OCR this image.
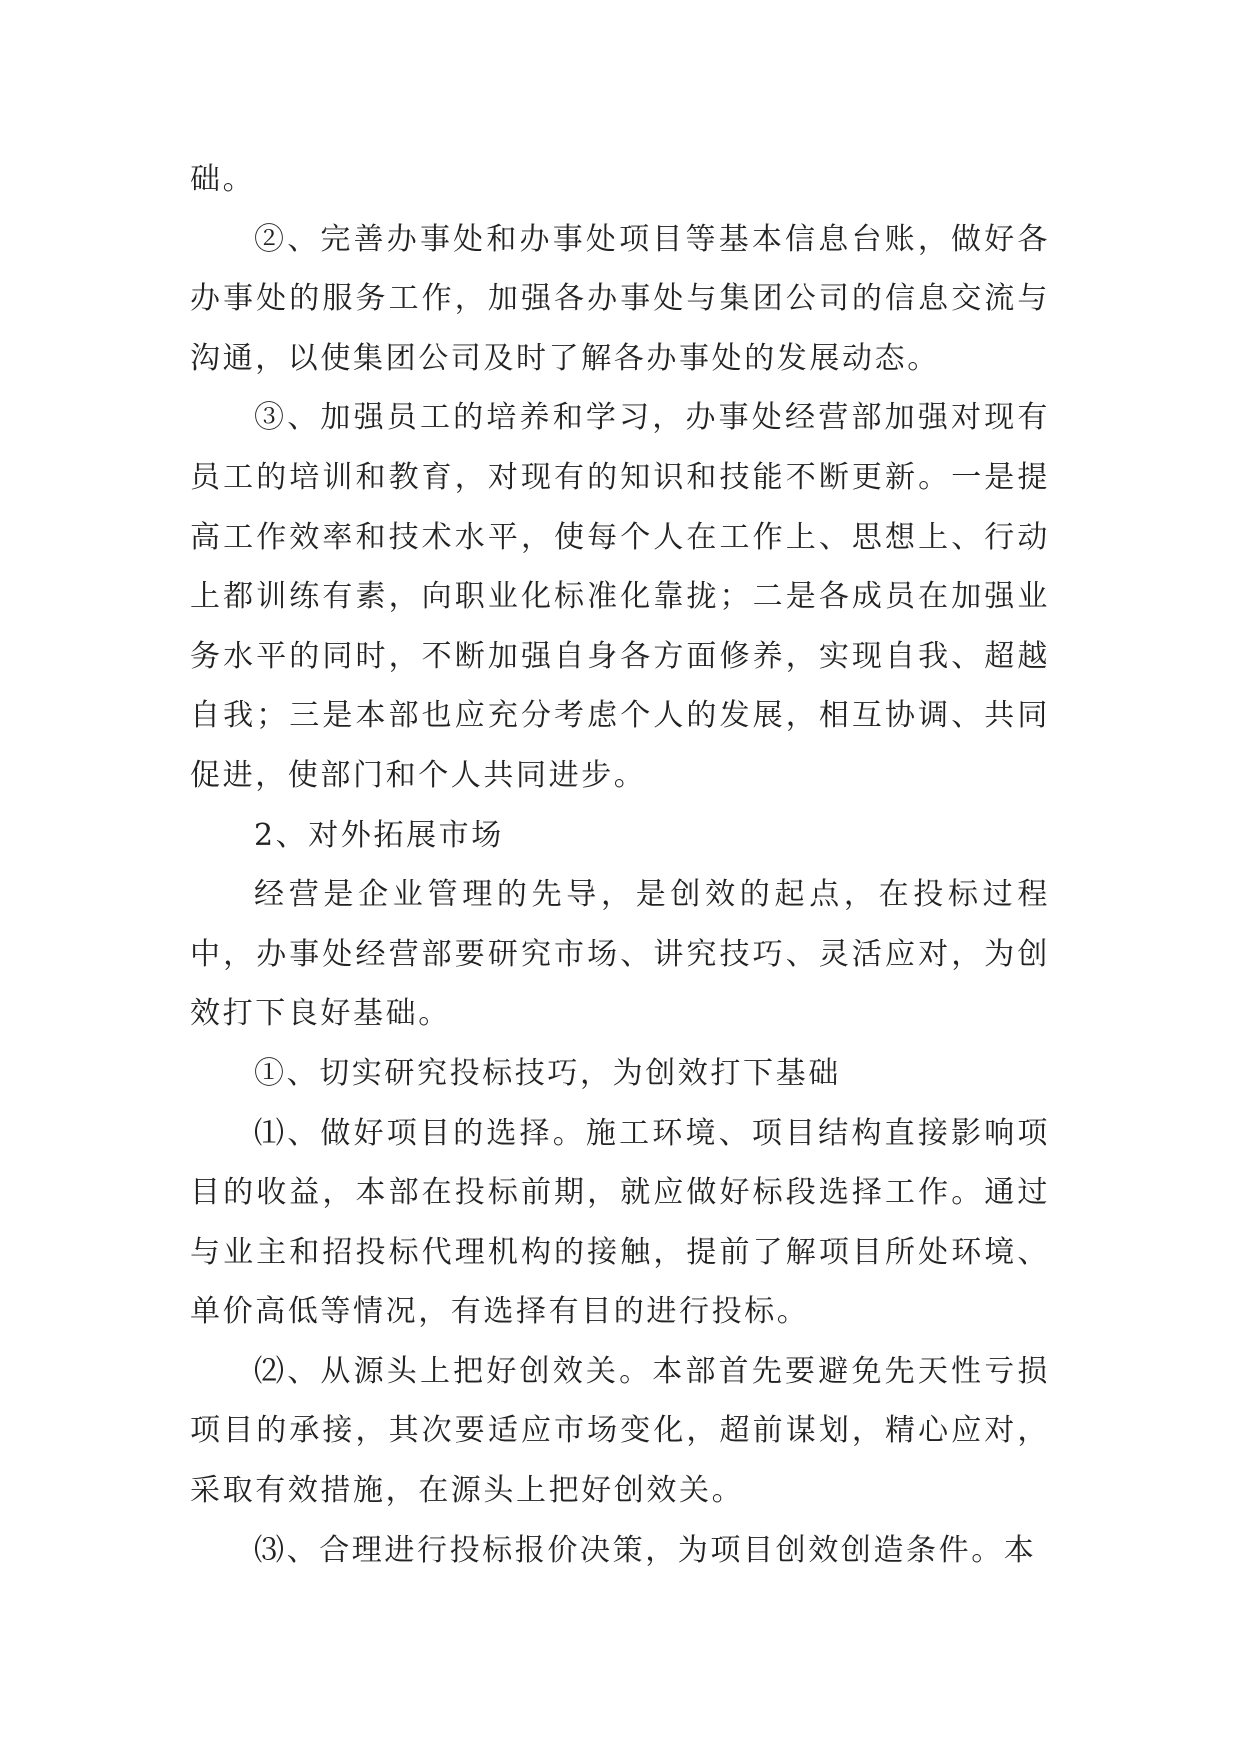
础。

②、完善办事处和办事处项目等基本信息台账，做好各办事处的服务工作，加强各办事处与集团公司的信息交流与沟通，以使集团公司及时了解各办事处的发展动态。

③、加强员工的培养和学习，办事处经营部加强对现有员工的培训和教育，对现有的知识和技能不断更新。一是提高工作效率和技术水平，使每个人在工作上、思想上、行动上都训练有素，向职业化标准化靠拢；二是各成员在加强业务水平的同时，不断加强自身各方面修养，实现自我、超越自我；三是本部也应充分考虑个人的发展，相互协调、共同促进，使部门和个人共同进步。

2、对外拓展市场

经营是企业管理的先导，是创效的起点，在投标过程中，办事处经营部要研究市场、讲究技巧、灵活应对，为创效打下良好基础。

①、切实研究投标技巧，为创效打下基础

⑴、做好项目的选择。施工环境、项目结构直接影响项目的收益，本部在投标前期，就应做好标段选择工作。通过与业主和招投标代理机构的接触，提前了解项目所处环境、单价高低等情况，有选择有目的进行投标。

⑵、从源头上把好创效关。本部首先要避免先天性亏损项目的承接，其次要适应市场变化，超前谋划，精心应对，采取有效措施，在源头上把好创效关。

⑶、合理进行投标报价决策，为项目创效创造条件。本
